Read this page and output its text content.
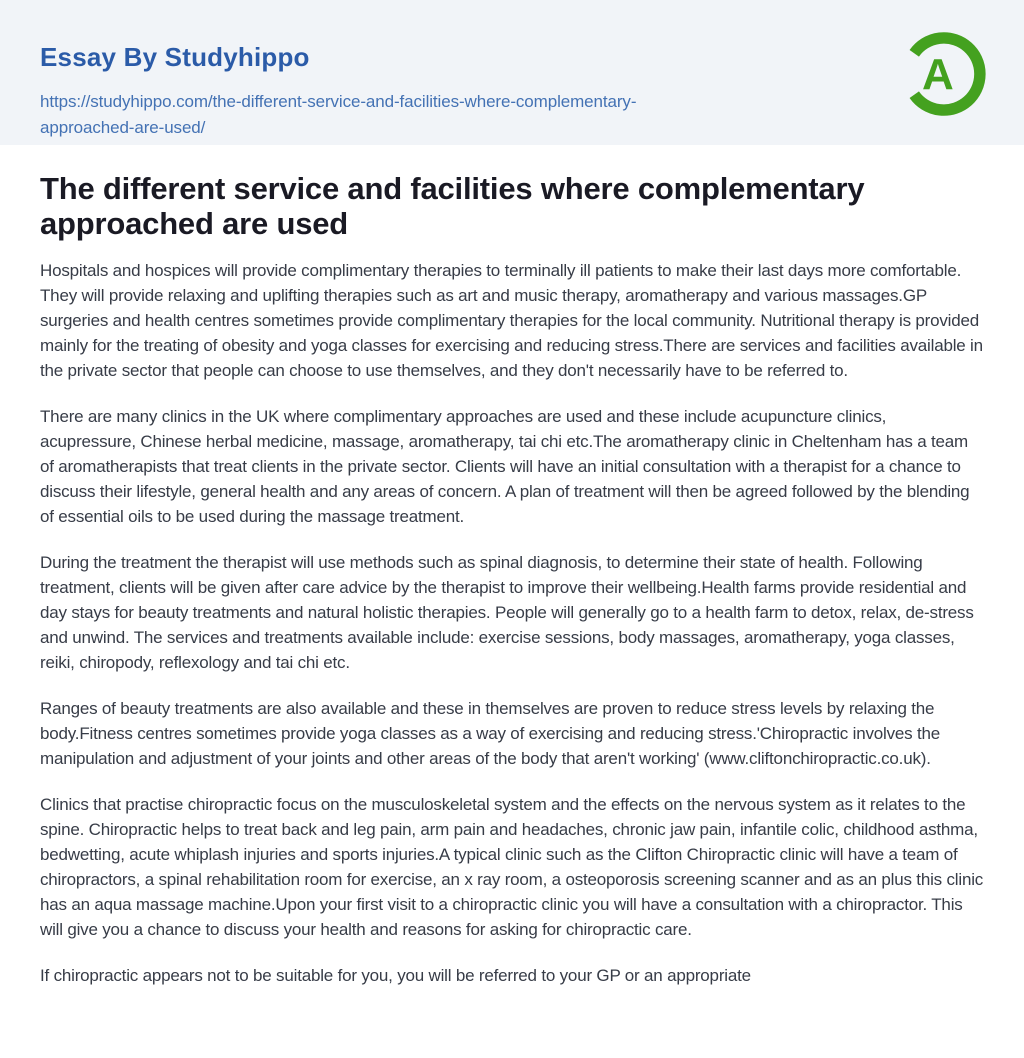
Essay By Studyhippo
https://studyhippo.com/the-different-service-and-facilities-where-complementary-approached-are-used/
A
The different service and facilities where complementary approached are used

Hospitals and hospices will provide complimentary therapies to terminally ill patients to make their last days more comfortable. They will provide relaxing and uplifting therapies such as art and music therapy, aromatherapy and various massages.GP surgeries and health centres sometimes provide complimentary therapies for the local community. Nutritional therapy is provided mainly for the treating of obesity and yoga classes for exercising and reducing stress.There are services and facilities available in the private sector that people can choose to use themselves, and they don't necessarily have to be referred to.

There are many clinics in the UK where complimentary approaches are used and these include acupuncture clinics, acupressure, Chinese herbal medicine, massage, aromatherapy, tai chi etc.The aromatherapy clinic in Cheltenham has a team of aromatherapists that treat clients in the private sector. Clients will have an initial consultation with a therapist for a chance to discuss their lifestyle, general health and any areas of concern. A plan of treatment will then be agreed followed by the blending of essential oils to be used during the massage treatment.

During the treatment the therapist will use methods such as spinal diagnosis, to determine their state of health. Following treatment, clients will be given after care advice by the therapist to improve their wellbeing.Health farms provide residential and day stays for beauty treatments and natural holistic therapies. People will generally go to a health farm to detox, relax, de-stress and unwind. The services and treatments available include: exercise sessions, body massages, aromatherapy, yoga classes, reiki, chiropody, reflexology and tai chi etc.

Ranges of beauty treatments are also available and these in themselves are proven to reduce stress levels by relaxing the body.Fitness centres sometimes provide yoga classes as a way of exercising and reducing stress.'Chiropractic involves the manipulation and adjustment of your joints and other areas of the body that aren't working' (www.cliftonchiropractic.co.uk).

Clinics that practise chiropractic focus on the musculoskeletal system and the effects on the nervous system as it relates to the spine. Chiropractic helps to treat back and leg pain, arm pain and headaches, chronic jaw pain, infantile colic, childhood asthma, bedwetting, acute whiplash injuries and sports injuries.A typical clinic such as the Clifton Chiropractic clinic will have a team of chiropractors, a spinal rehabilitation room for exercise, an x ray room, a osteoporosis screening scanner and as an plus this clinic has an aqua massage machine.Upon your first visit to a chiropractic clinic you will have a consultation with a chiropractor. This will give you a chance to discuss your health and reasons for asking for chiropractic care.

If chiropractic appears not to be suitable for you, you will be referred to your GP or an appropriate
